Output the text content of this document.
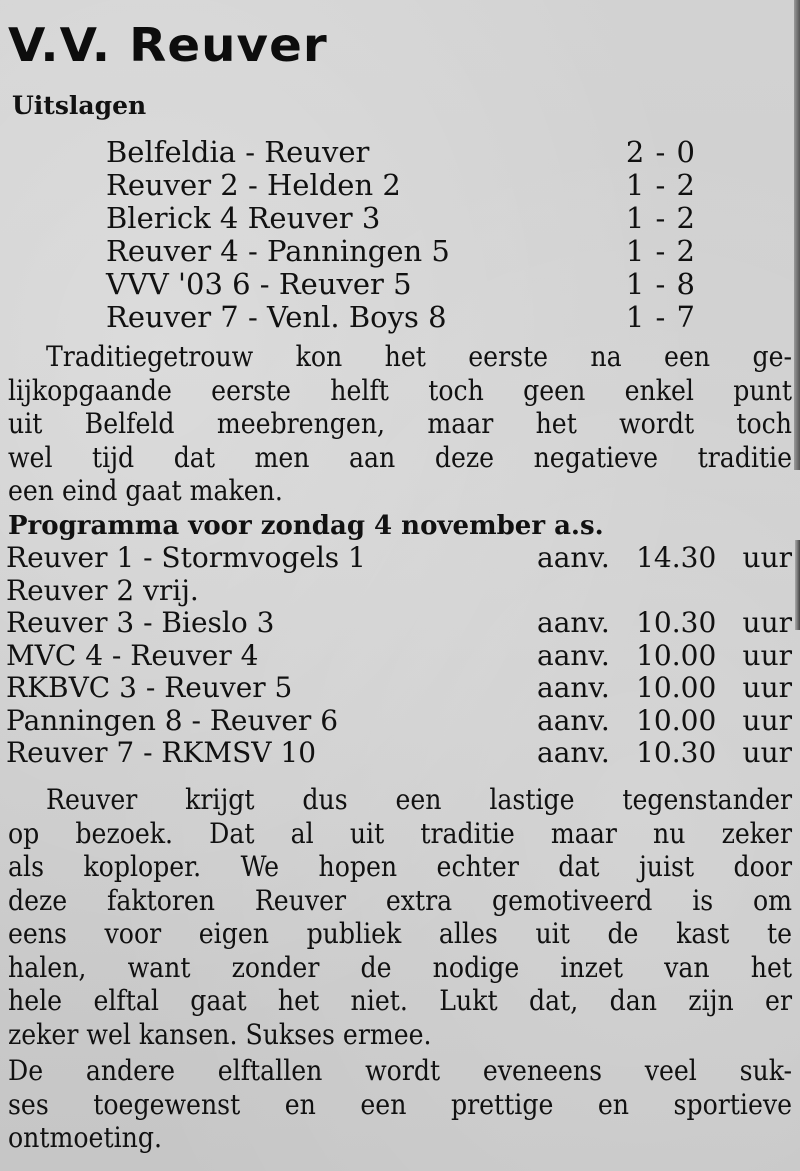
V.V. Reuver
Uitslagen
Belfeldia - Reuver	2 - 0
Reuver 2 - Helden 2	1 - 2
Blerick 4 Reuver 3	1 - 2
Reuver 4 - Panningen 5	1 - 2
VVV '03 6 - Reuver 5	1 - 8
Reuver 7 - Venl. Boys 8	1 - 7

Traditiegetrouw kon het eerste na een ge-
lijkopgaande eerste helft toch geen enkel punt
uit Belfeld meebrengen, maar het wordt toch
wel tijd dat men aan deze negatieve traditie
een eind gaat maken.

Programma voor zondag 4 november a.s.
Reuver 1 - Stormvogels 1	aanv. 14.30 uur
Reuver 2 vrij.
Reuver 3 - Bieslo 3	aanv. 10.30 uur
MVC 4 - Reuver 4	aanv. 10.00 uur
RKBVC 3 - Reuver 5	aanv. 10.00 uur
Panningen 8 - Reuver 6	aanv. 10.00 uur
Reuver 7 - RKMSV 10	aanv. 10.30 uur

Reuver krijgt dus een lastige tegenstander
op bezoek. Dat al uit traditie maar nu zeker
als koploper. We hopen echter dat juist door
deze faktoren Reuver extra gemotiveerd is om
eens voor eigen publiek alles uit de kast te
halen, want zonder de nodige inzet van het
hele elftal gaat het niet. Lukt dat, dan zijn er
zeker wel kansen. Sukses ermee.

De andere elftallen wordt eveneens veel suk-
ses toegewenst en een prettige en sportieve
ontmoeting.
